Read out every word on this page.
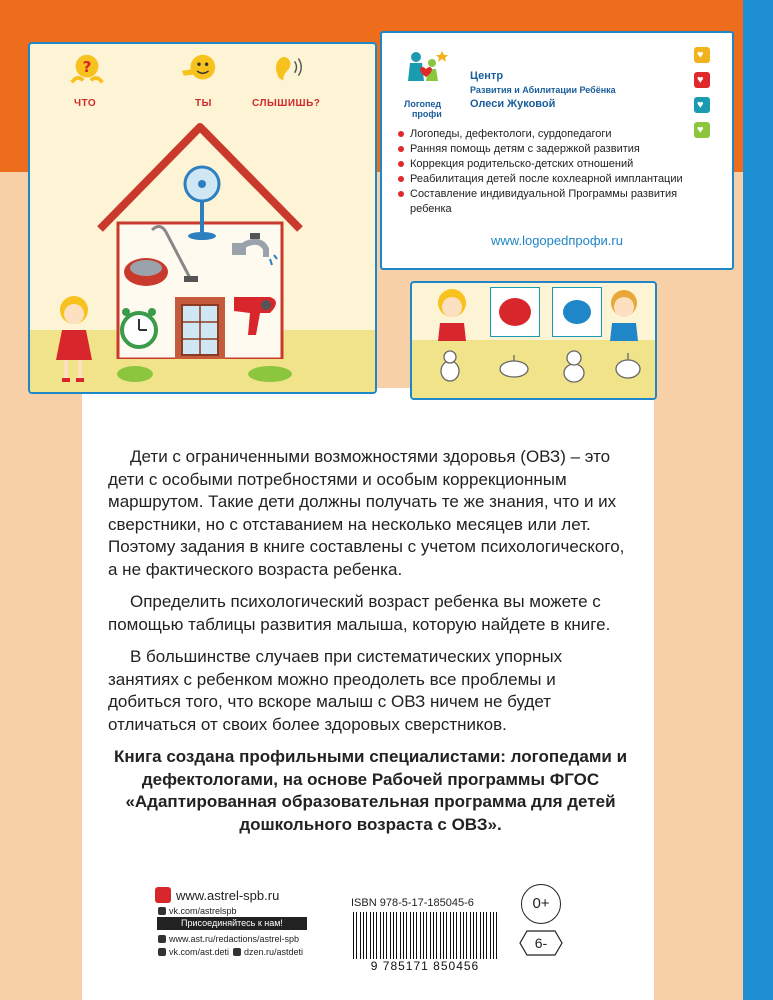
?
ЧТО	ТЫ	СЛЫШИШЬ?	Логопед
профи
Центр
Развития и Абилитации Ребёнка
Олеси Жуковой
♥
♥
♥
♥
Логопеды, дефектологи, сурдопедагоги
Ранняя помощь детям с задержкой развития
Коррекция родительско-детских отношений
Реабилитация детей после кохлеарной имплантации
Составление индивидуальной Программы развития ребенка
www.logopedпрофи.ru

Дети с ограниченными возможностями здоровья (ОВЗ) – это дети с особыми потребностями и особым коррекционным маршрутом. Такие дети должны получать те же знания, что и их сверстники, но с отставанием на несколько месяцев или лет. Поэтому задания в книге составлены с учетом психологического, а не фактического возраста ребенка.

Определить психологический возраст ребенка вы можете с помощью таблицы развития малыша, которую найдете в книге.

В большинстве случаев при систематических упорных занятиях с ребенком можно преодолеть все проблемы и добиться того, что вскоре малыш с ОВЗ ничем не будет отличаться от своих более здоровых сверстников.

Книга создана профильными специалистами: логопедами и дефектологами, на основе Рабочей программы ФГОС «Адаптированная образовательная программа для детей дошкольного возраста с ОВЗ».

www.astrel-spb.ru
vk.com/astrelspb
Присоединяйтесь к нам!
www.ast.ru/redactions/astrel-spb
vk.com/ast.deti	dzen.ru/astdeti
ISBN 978-5-17-185045-6
9 785171 850456
0+
6-
